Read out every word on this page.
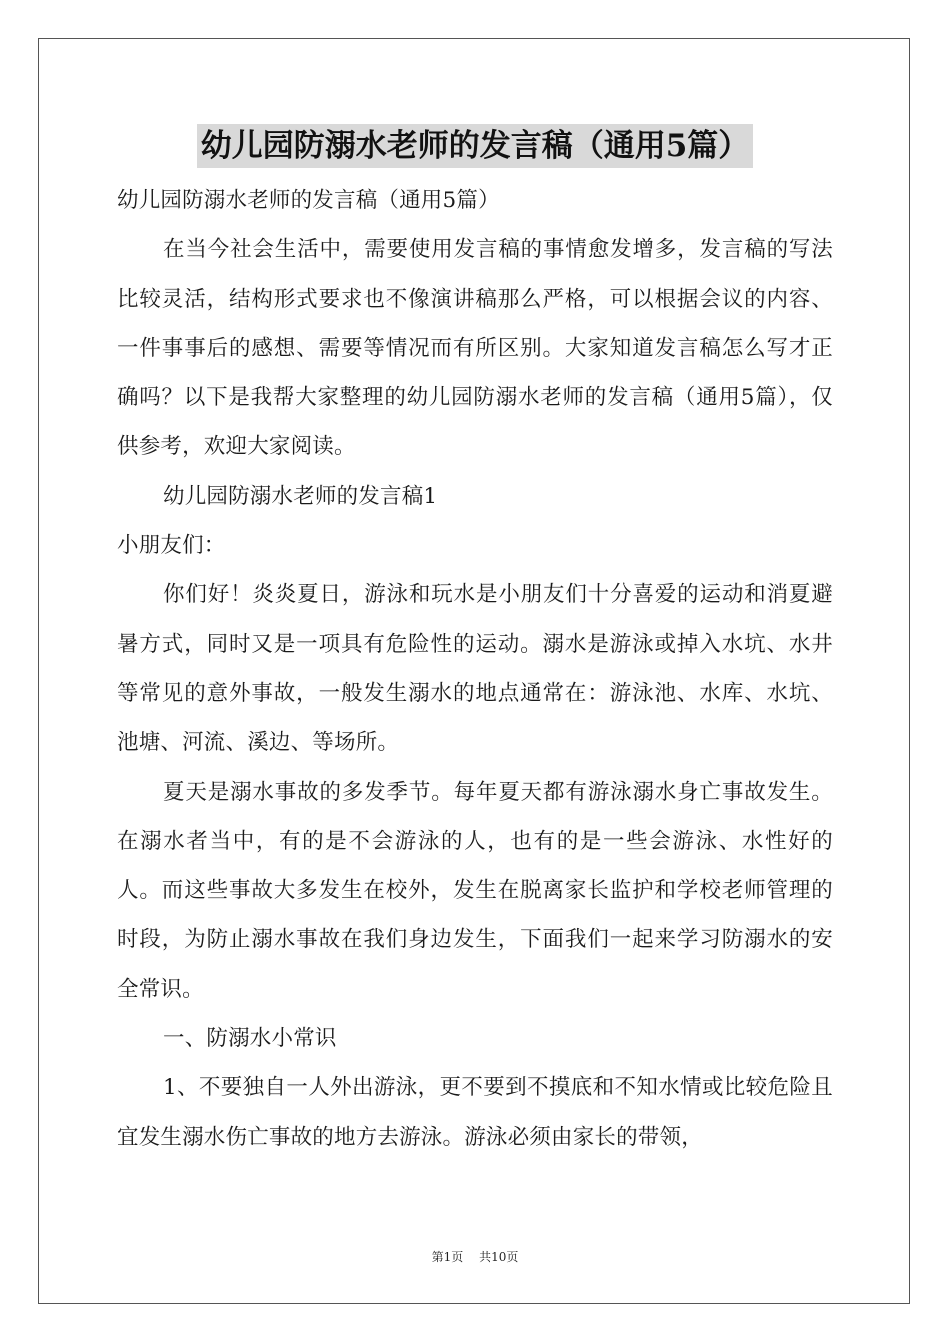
幼儿园防溺水老师的发言稿（通用5篇）

幼儿园防溺水老师的发言稿（通用5篇）

在当今社会生活中，需要使用发言稿的事情愈发增多，发言稿的写法比较灵活，结构形式要求也不像演讲稿那么严格，可以根据会议的内容、一件事事后的感想、需要等情况而有所区别。大家知道发言稿怎么写才正确吗？以下是我帮大家整理的幼儿园防溺水老师的发言稿（通用5篇），仅供参考，欢迎大家阅读。

幼儿园防溺水老师的发言稿1

小朋友们：

你们好！炎炎夏日，游泳和玩水是小朋友们十分喜爱的运动和消夏避暑方式，同时又是一项具有危险性的运动。溺水是游泳或掉入水坑、水井等常见的意外事故，一般发生溺水的地点通常在：游泳池、水库、水坑、池塘、河流、溪边、等场所。

夏天是溺水事故的多发季节。每年夏天都有游泳溺水身亡事故发生。在溺水者当中，有的是不会游泳的人，也有的是一些会游泳、水性好的人。而这些事故大多发生在校外，发生在脱离家长监护和学校老师管理的时段，为防止溺水事故在我们身边发生，下面我们一起来学习防溺水的安全常识。

一、防溺水小常识

1、不要独自一人外出游泳，更不要到不摸底和不知水情或比较危险且宜发生溺水伤亡事故的地方去游泳。游泳必须由家长的带领，

第1页 共10页
